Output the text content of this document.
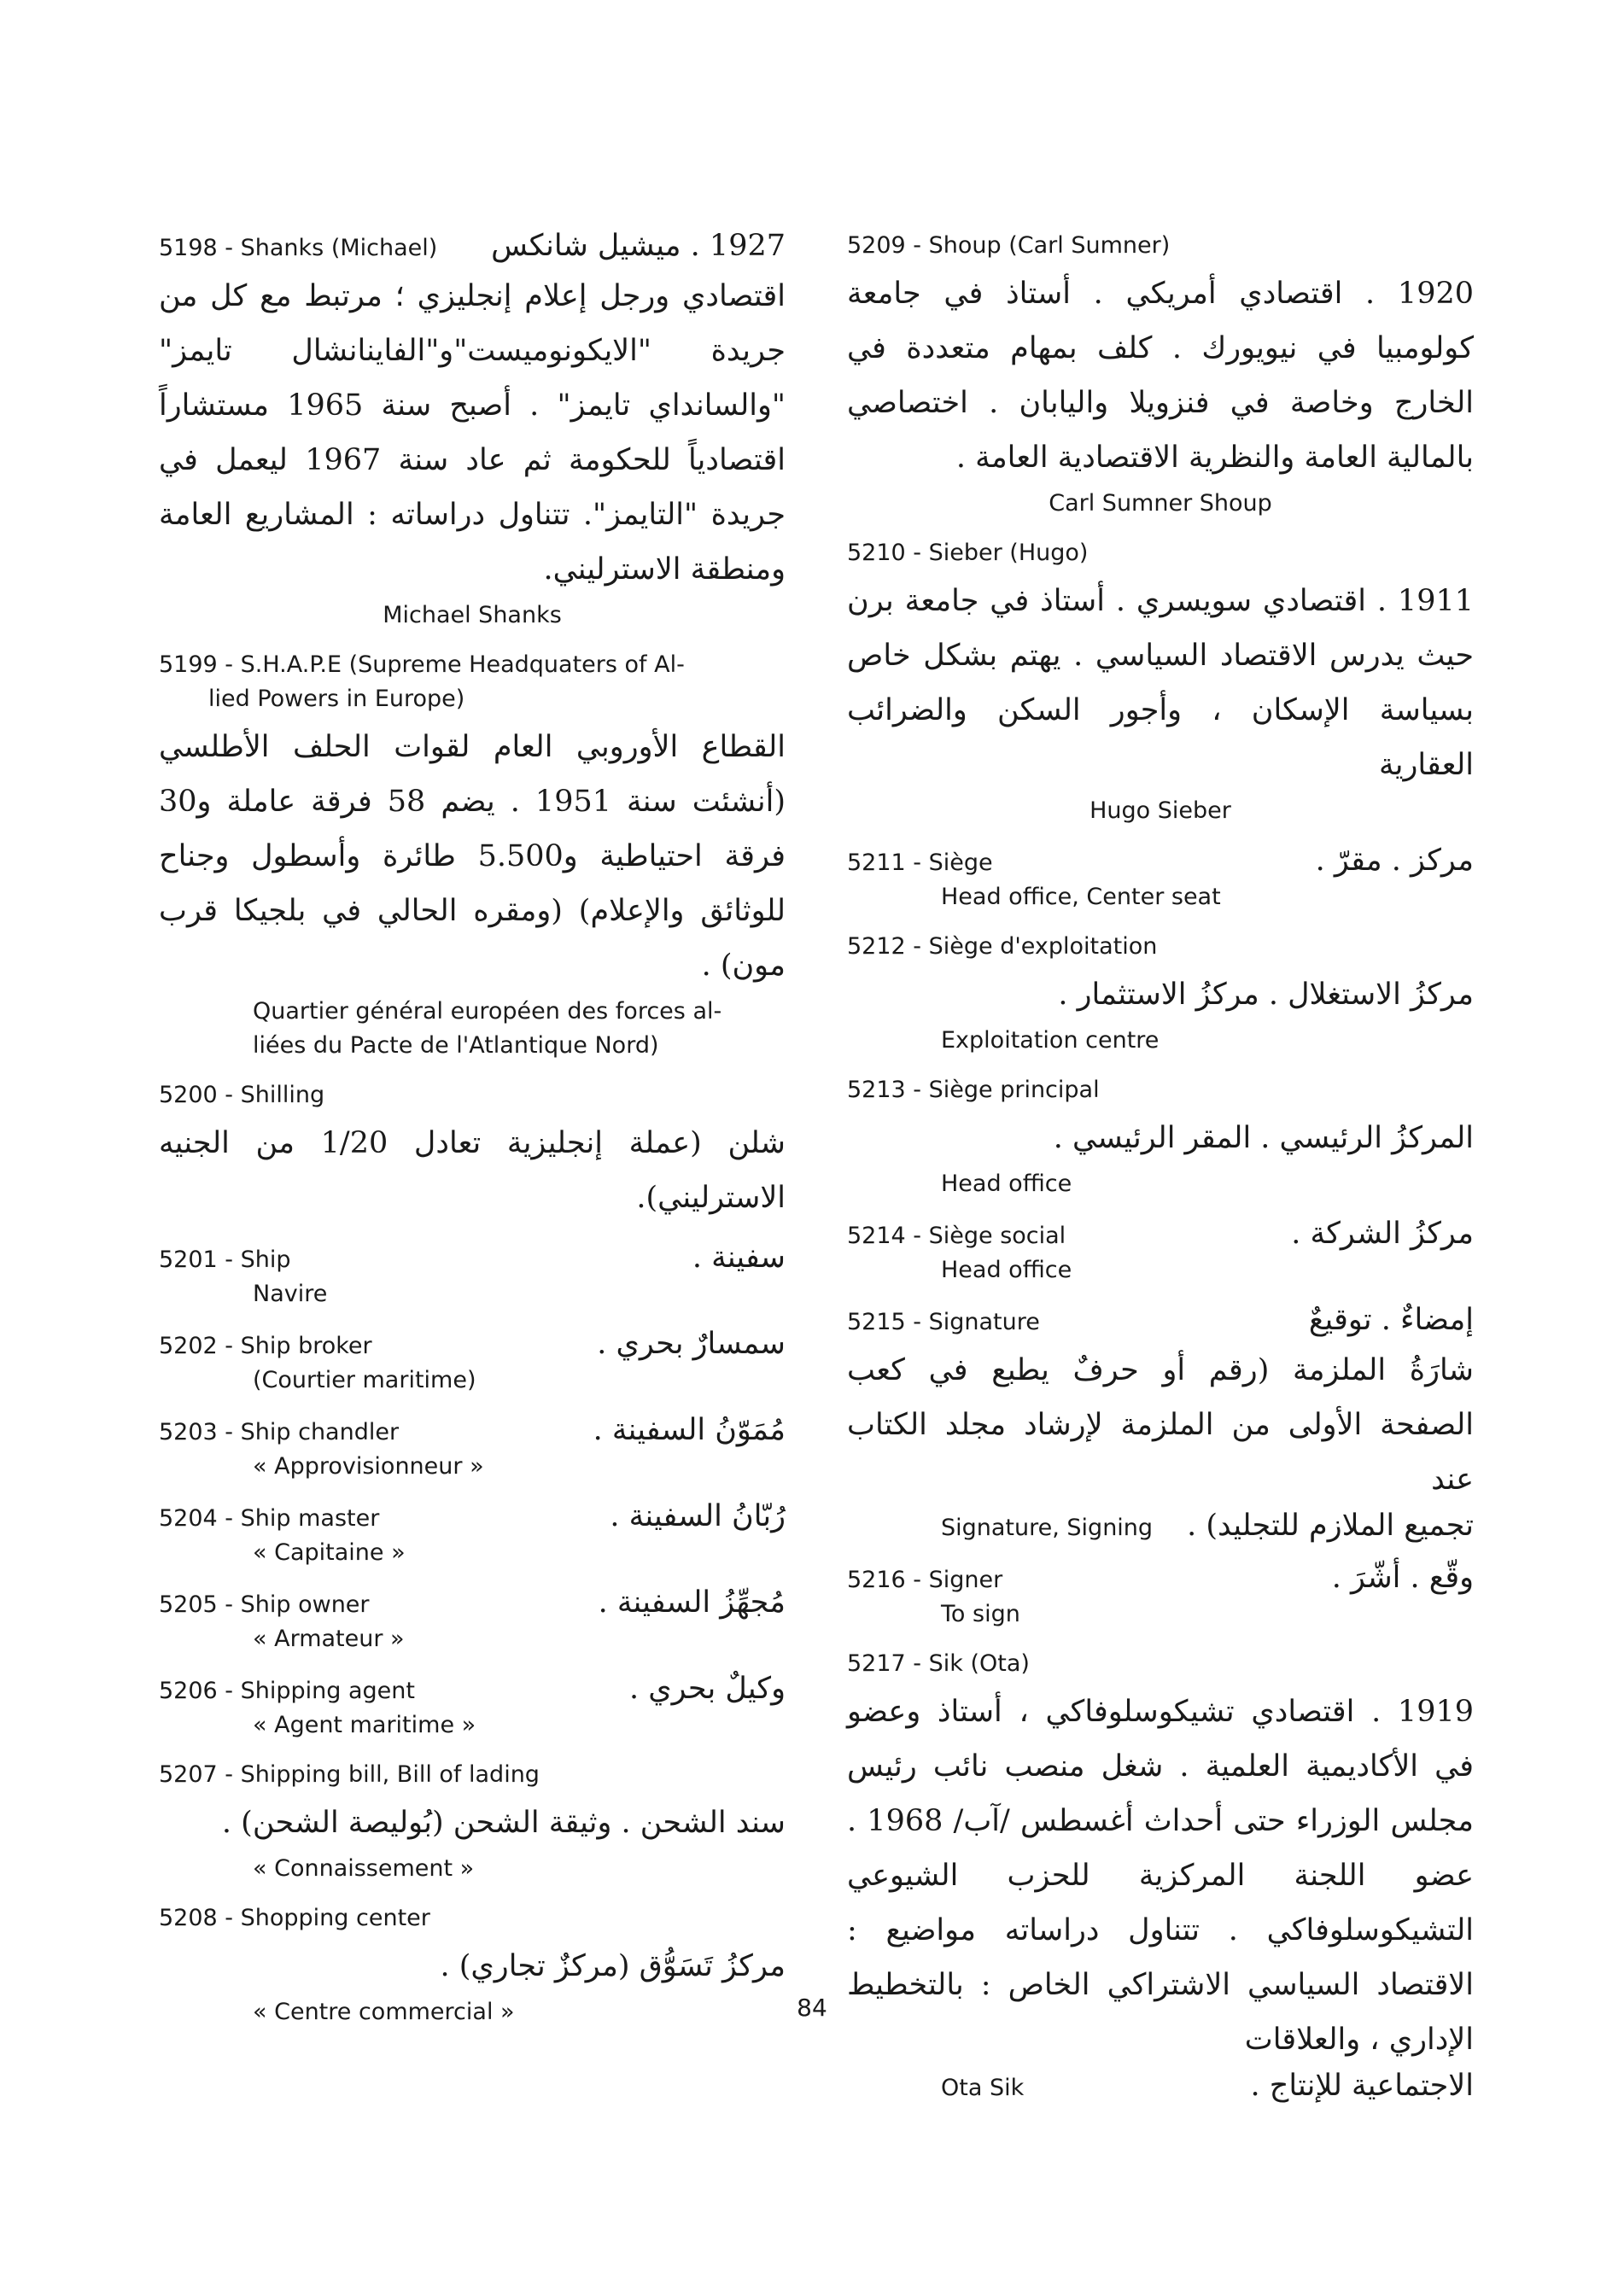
5198 - Shanks (Michael) 1927 . ميشيل شانكس
اقتصادي ورجل إعلام إنجليزي ؛ مرتبط مع كل من جريدة "الايكونوميست"و"الفاينانشال تايمز" "والسانداي تايمز" . أصبح سنة 1965 مستشاراً اقتصادياً للحكومة ثم عاد سنة 1967 ليعمل في جريدة "التايمز". تتناول دراساته : المشاريع العامة ومنطقة الاسترليني.
Michael Shanks
5199 - S.H.A.P.E (Supreme Headquaters of Al-
lied Powers in Europe)
القطاع الأوروبي العام لقوات الحلف الأطلسي (أنشئت سنة 1951 . يضم 58 فرقة عاملة و30 فرقة احتياطية و5.500 طائرة وأسطول وجناح للوثائق والإعلام) (ومقره الحالي في بلجيكا قرب مون) .
Quartier général européen des forces al-
liées du Pacte de l'Atlantique Nord)
5200 - Shilling
شلن (عملة إنجليزية تعادل 1/20 من الجنيه الاسترليني).
5201 - Ship	سفينة .
Navire
5202 - Ship broker	سمسارٌ بحري .
(Courtier maritime)
5203 - Ship chandler	مُمَوّنُ السفينة .
« Approvisionneur »
5204 - Ship master	رُبّانُ السفينة .
« Capitaine »
5205 - Ship owner	مُجهِّزُ السفينة .
« Armateur »
5206 - Shipping agent	وكيلٌ بحري .
« Agent maritime »
5207 - Shipping bill, Bill of lading
سند الشحن . وثيقة الشحن (بُوليصة الشحن) .
« Connaissement »
5208 - Shopping center
مركزُ تَسَوُّق (مركزٌ تجاري) .
« Centre commercial »
5209 - Shoup (Carl Sumner)
1920 . اقتصادي أمريكي . أستاذ في جامعة كولومبيا في نيويورك . كلف بمهام متعددة في الخارج وخاصة في فنزويلا واليابان . اختصاصي بالمالية العامة والنظرية الاقتصادية العامة .
Carl Sumner Shoup
5210 - Sieber (Hugo)
1911 . اقتصادي سويسري . أستاذ في جامعة برن حيث يدرس الاقتصاد السياسي . يهتم بشكل خاص بسياسة الإسكان ، وأجور السكن والضرائب العقارية
Hugo Sieber
5211 - Siège	مركز . مقرّ .
Head office, Center seat
5212 - Siège d'exploitation
مركزُ الاستغلال . مركزُ الاستثمار .
Exploitation centre
5213 - Siège principal
المركزُ الرئيسي . المقر الرئيسي .
Head office
5214 - Siège social	مركزُ الشركة .
Head office
5215 - Signature	إمضاءٌ . توقيعٌ
شارَةُ الملزمة (رقم أو حرفٌ يطبع في كعب الصفحة الأولى من الملزمة لإرشاد مجلد الكتاب عند
Signature, Signing تجميع الملازم للتجليد) .
5216 - Signer	وقّع . أشّرَ .
To sign
5217 - Sik (Ota)
1919 . اقتصادي تشيكوسلوفاكي ، أستاذ وعضو في الأكاديمية العلمية . شغل منصب نائب رئيس مجلس الوزراء حتى أحداث أغسطس /آب/ 1968 . عضو اللجنة المركزية للحزب الشيوعي التشيكوسلوفاكي . تتناول دراساته مواضيع : الاقتصاد السياسي الاشتراكي الخاص : بالتخطيط الإداري ، والعلاقات
Ota Sik	الاجتماعية للإنتاج .
84
